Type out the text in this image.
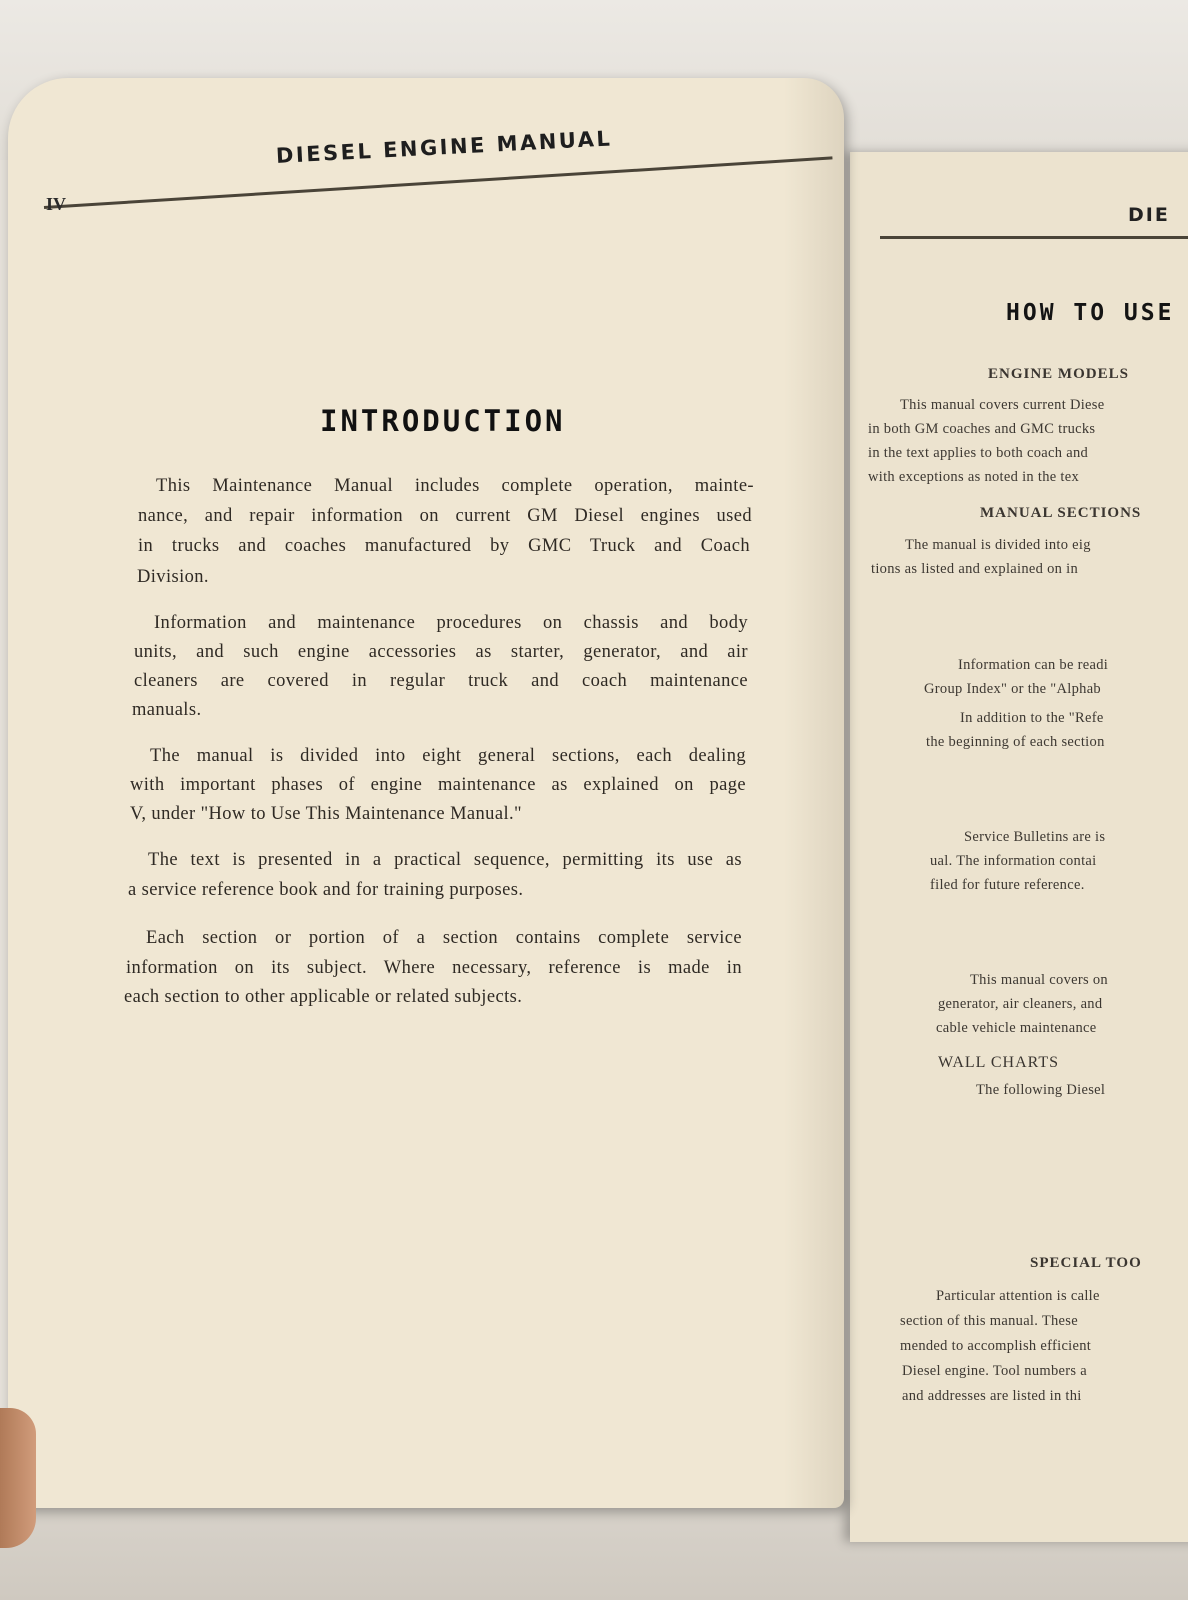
DIE
HOW TO USE
ENGINE MODELS
This manual covers current Diese
in both GM coaches and GMC trucks
in the text applies to both coach and
with exceptions as noted in the tex
MANUAL SECTIONS
The manual is divided into eig
tions as listed and explained on in
Information can be readi
Group Index" or the "Alphab
In addition to the "Refe
the beginning of each section
Service Bulletins are is
ual. The information contai
filed for future reference.
This manual covers on
generator, air cleaners, and
cable vehicle maintenance
WALL CHARTS
The following Diesel
SPECIAL TOO
Particular attention is calle
section of this manual. These
mended to accomplish efficient
Diesel engine. Tool numbers a
and addresses are listed in thi
DIESEL ENGINE MANUAL
IV
INTRODUCTION
This Maintenance Manual includes complete operation, mainte-
nance, and repair information on current GM Diesel engines used
in trucks and coaches manufactured by GMC Truck and Coach
Division.
Information and maintenance procedures on chassis and body
units, and such engine accessories as starter, generator, and air
cleaners are covered in regular truck and coach maintenance
manuals.
The manual is divided into eight general sections, each dealing
with important phases of engine maintenance as explained on page
V, under "How to Use This Maintenance Manual."
The text is presented in a practical sequence, permitting its use as
a service reference book and for training purposes.
Each section or portion of a section contains complete service
information on its subject. Where necessary, reference is made in
each section to other applicable or related subjects.
